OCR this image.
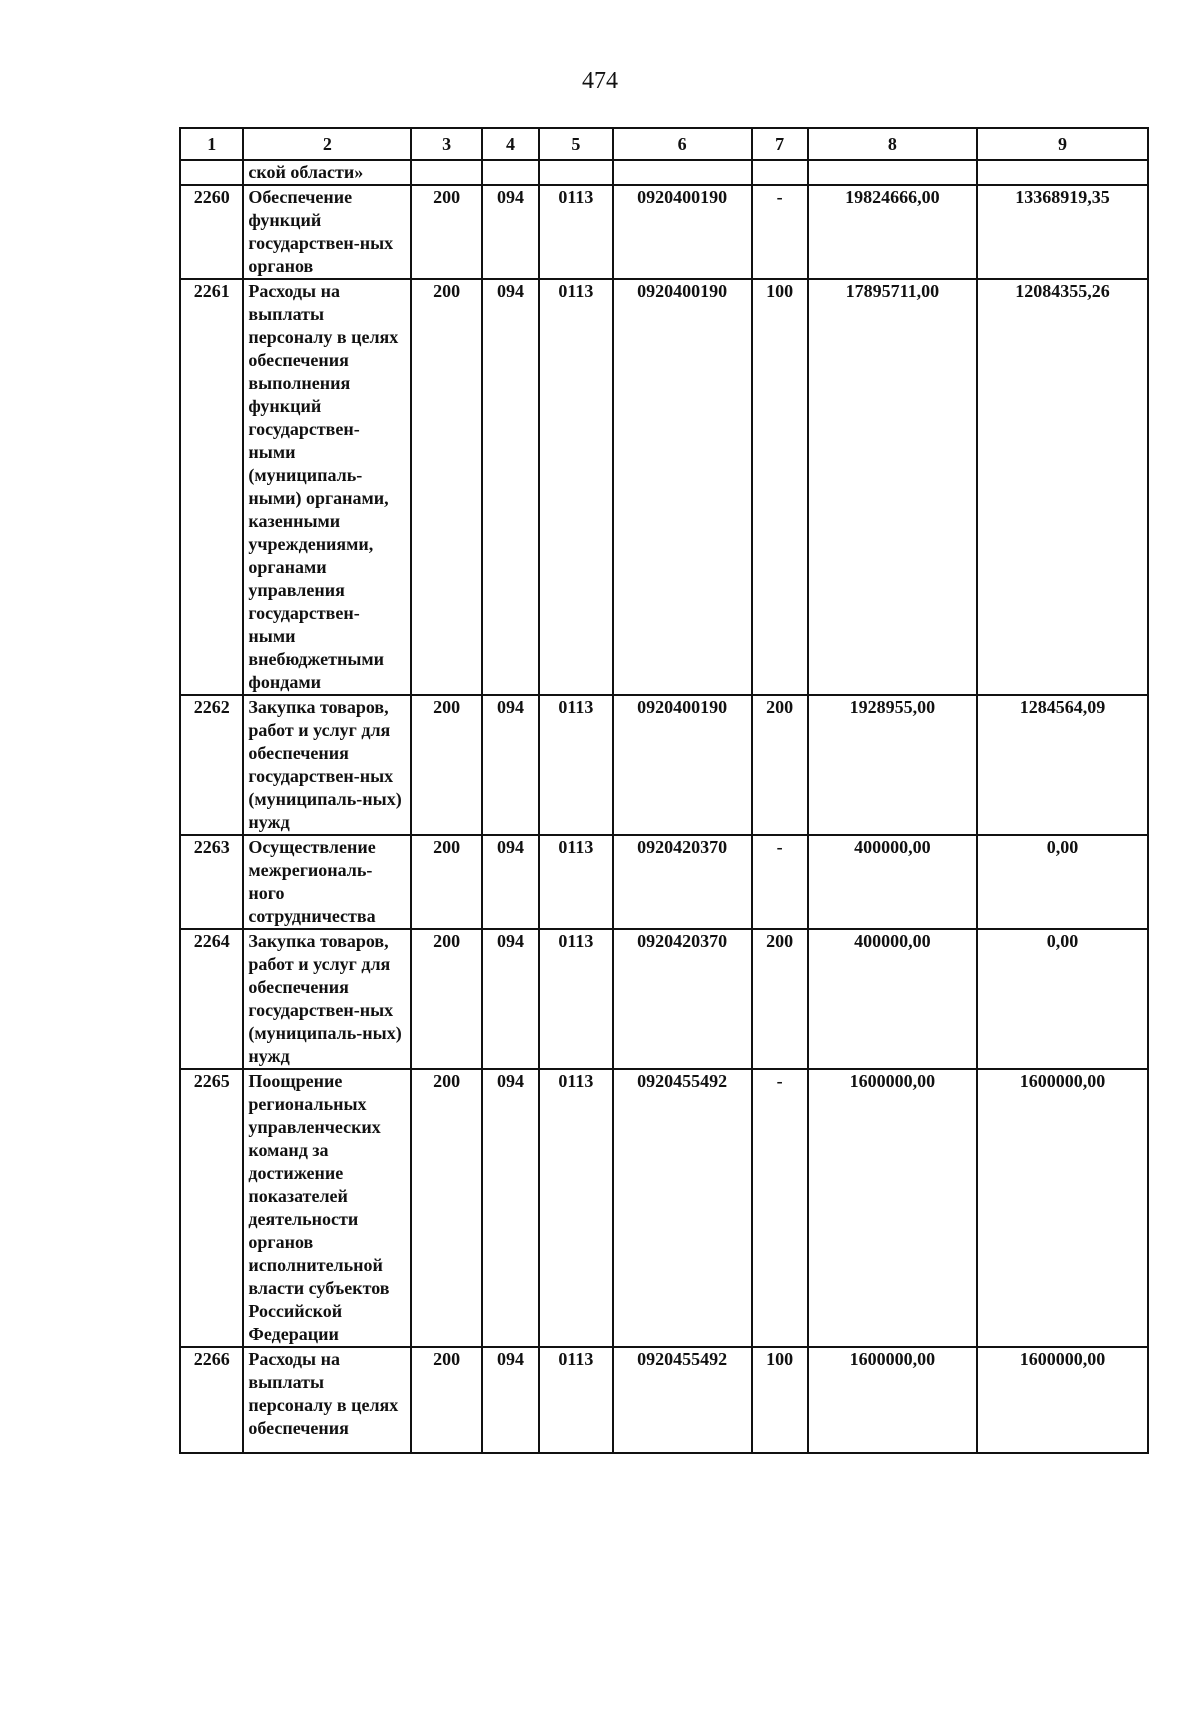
474
1	2	3	4	5	6	7	8	9
	ской области»							
2260	Обеспечение функций государствен-ных органов	200	094	0113	0920400190	-	19824666,00	13368919,35
2261	Расходы на выплаты персоналу в целях обеспечения выполнения функций государствен-ными (муниципаль-ными) органами, казенными учреждениями, органами управления государствен-ными внебюджетными фондами	200	094	0113	0920400190	100	17895711,00	12084355,26
2262	Закупка товаров, работ и услуг для обеспечения государствен-ных (муниципаль-ных) нужд	200	094	0113	0920400190	200	1928955,00	1284564,09
2263	Осуществление межрегиональ-ного сотрудничества	200	094	0113	0920420370	-	400000,00	0,00
2264	Закупка товаров, работ и услуг для обеспечения государствен-ных (муниципаль-ных) нужд	200	094	0113	0920420370	200	400000,00	0,00
2265	Поощрение региональных управленческих команд за достижение показателей деятельности органов исполнительной власти субъектов Российской Федерации	200	094	0113	0920455492	-	1600000,00	1600000,00
2266	Расходы на выплаты персоналу в целях обеспечения	200	094	0113	0920455492	100	1600000,00	1600000,00
